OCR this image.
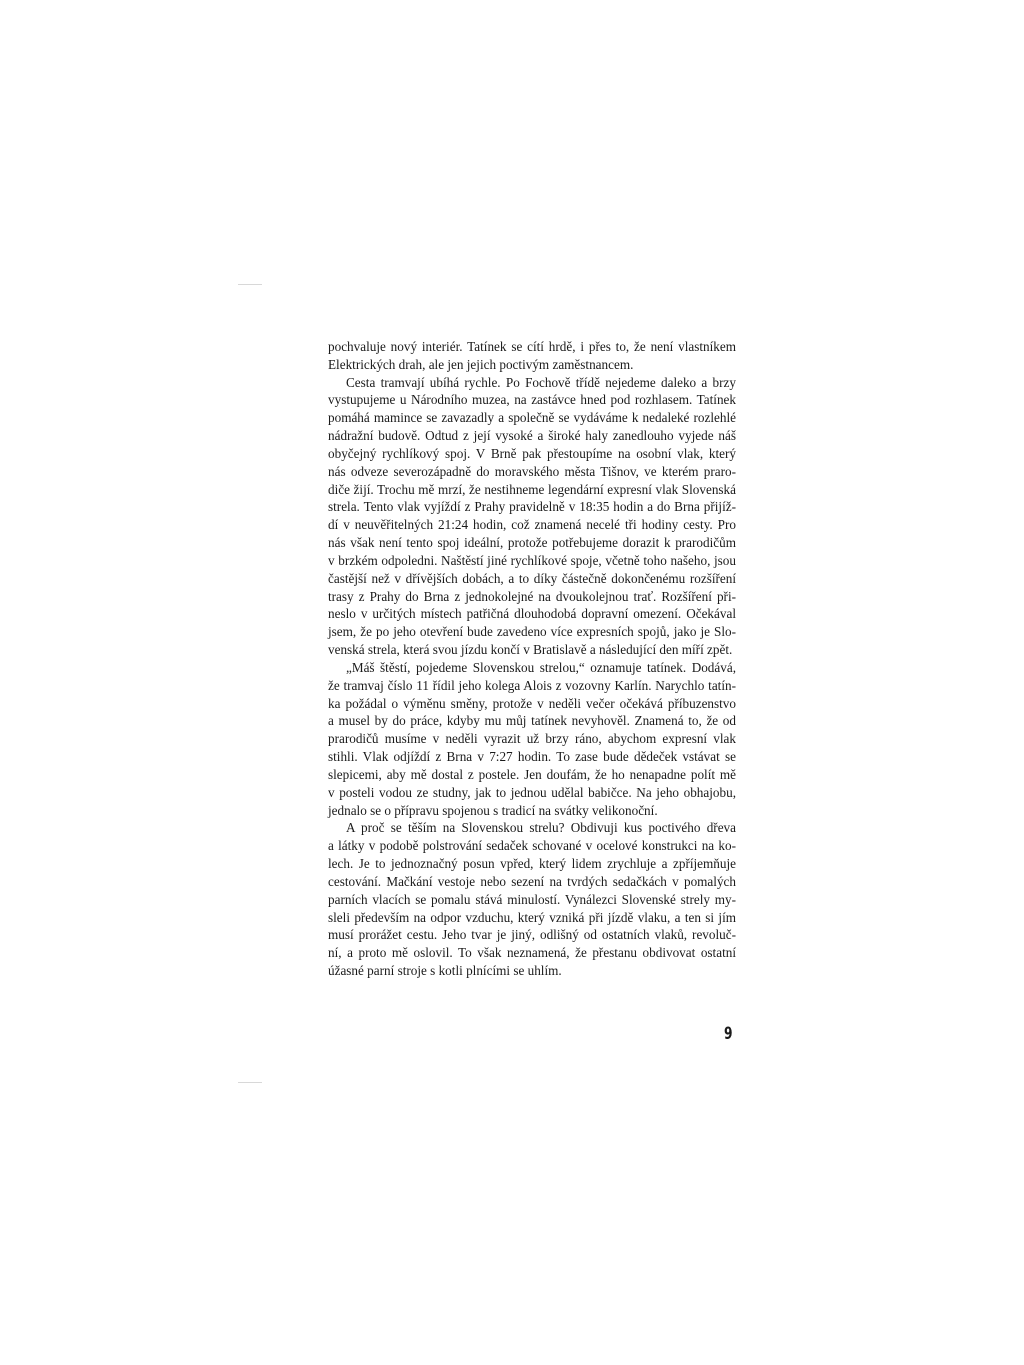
pochvaluje nový interiér. Tatínek se cítí hrdě, i přes to, že není vlastníkem
Elektrických drah, ale jen jejich poctivým zaměstnancem.
Cesta tramvají ubíhá rychle. Po Fochově třídě nejedeme daleko a brzy
vystupujeme u Národního muzea, na zastávce hned pod rozhlasem. Tatínek
pomáhá mamince se zavazadly a společně se vydáváme k nedaleké rozlehlé
nádražní budově. Odtud z její vysoké a široké haly zanedlouho vyjede náš
obyčejný rychlíkový spoj. V Brně pak přestoupíme na osobní vlak, který
nás odveze severozápadně do moravského města Tišnov, ve kterém praro-
diče žijí. Trochu mě mrzí, že nestihneme legendární expresní vlak Slovenská
strela. Tento vlak vyjíždí z Prahy pravidelně v 18:35 hodin a do Brna přijíž-
dí v neuvěřitelných 21:24 hodin, což znamená necelé tři hodiny cesty. Pro
nás však není tento spoj ideální, protože potřebujeme dorazit k prarodičům
v brzkém odpoledni. Naštěstí jiné rychlíkové spoje, včetně toho našeho, jsou
častější než v dřívějších dobách, a to díky částečně dokončenému rozšíření
trasy z Prahy do Brna z jednokolejné na dvoukolejnou trať. Rozšíření při-
neslo v určitých místech patřičná dlouhodobá dopravní omezení. Očekával
jsem, že po jeho otevření bude zavedeno více expresních spojů, jako je Slo-
venská strela, která svou jízdu končí v Bratislavě a následující den míří zpět.
„Máš štěstí, pojedeme Slovenskou strelou,“ oznamuje tatínek. Dodává,
že tramvaj číslo 11 řídil jeho kolega Alois z vozovny Karlín. Narychlo tatín-
ka požádal o výměnu směny, protože v neděli večer očekává příbuzenstvo
a musel by do práce, kdyby mu můj tatínek nevyhověl. Znamená to, že od
prarodičů musíme v neděli vyrazit už brzy ráno, abychom expresní vlak
stihli. Vlak odjíždí z Brna v 7:27 hodin. To zase bude dědeček vstávat se
slepicemi, aby mě dostal z postele. Jen doufám, že ho nenapadne polít mě
v posteli vodou ze studny, jak to jednou udělal babičce. Na jeho obhajobu,
jednalo se o přípravu spojenou s tradicí na svátky velikonoční.
A proč se těším na Slovenskou strelu? Obdivuji kus poctivého dřeva
a látky v podobě polstrování sedaček schované v ocelové konstrukci na ko-
lech. Je to jednoznačný posun vpřed, který lidem zrychluje a zpříjemňuje
cestování. Mačkání vestoje nebo sezení na tvrdých sedačkách v pomalých
parních vlacích se pomalu stává minulostí. Vynálezci Slovenské strely my-
sleli především na odpor vzduchu, který vzniká při jízdě vlaku, a ten si jím
musí prorážet cestu. Jeho tvar je jiný, odlišný od ostatních vlaků, revoluč-
ní, a proto mě oslovil. To však neznamená, že přestanu obdivovat ostatní
úžasné parní stroje s kotli plnícími se uhlím.
9
